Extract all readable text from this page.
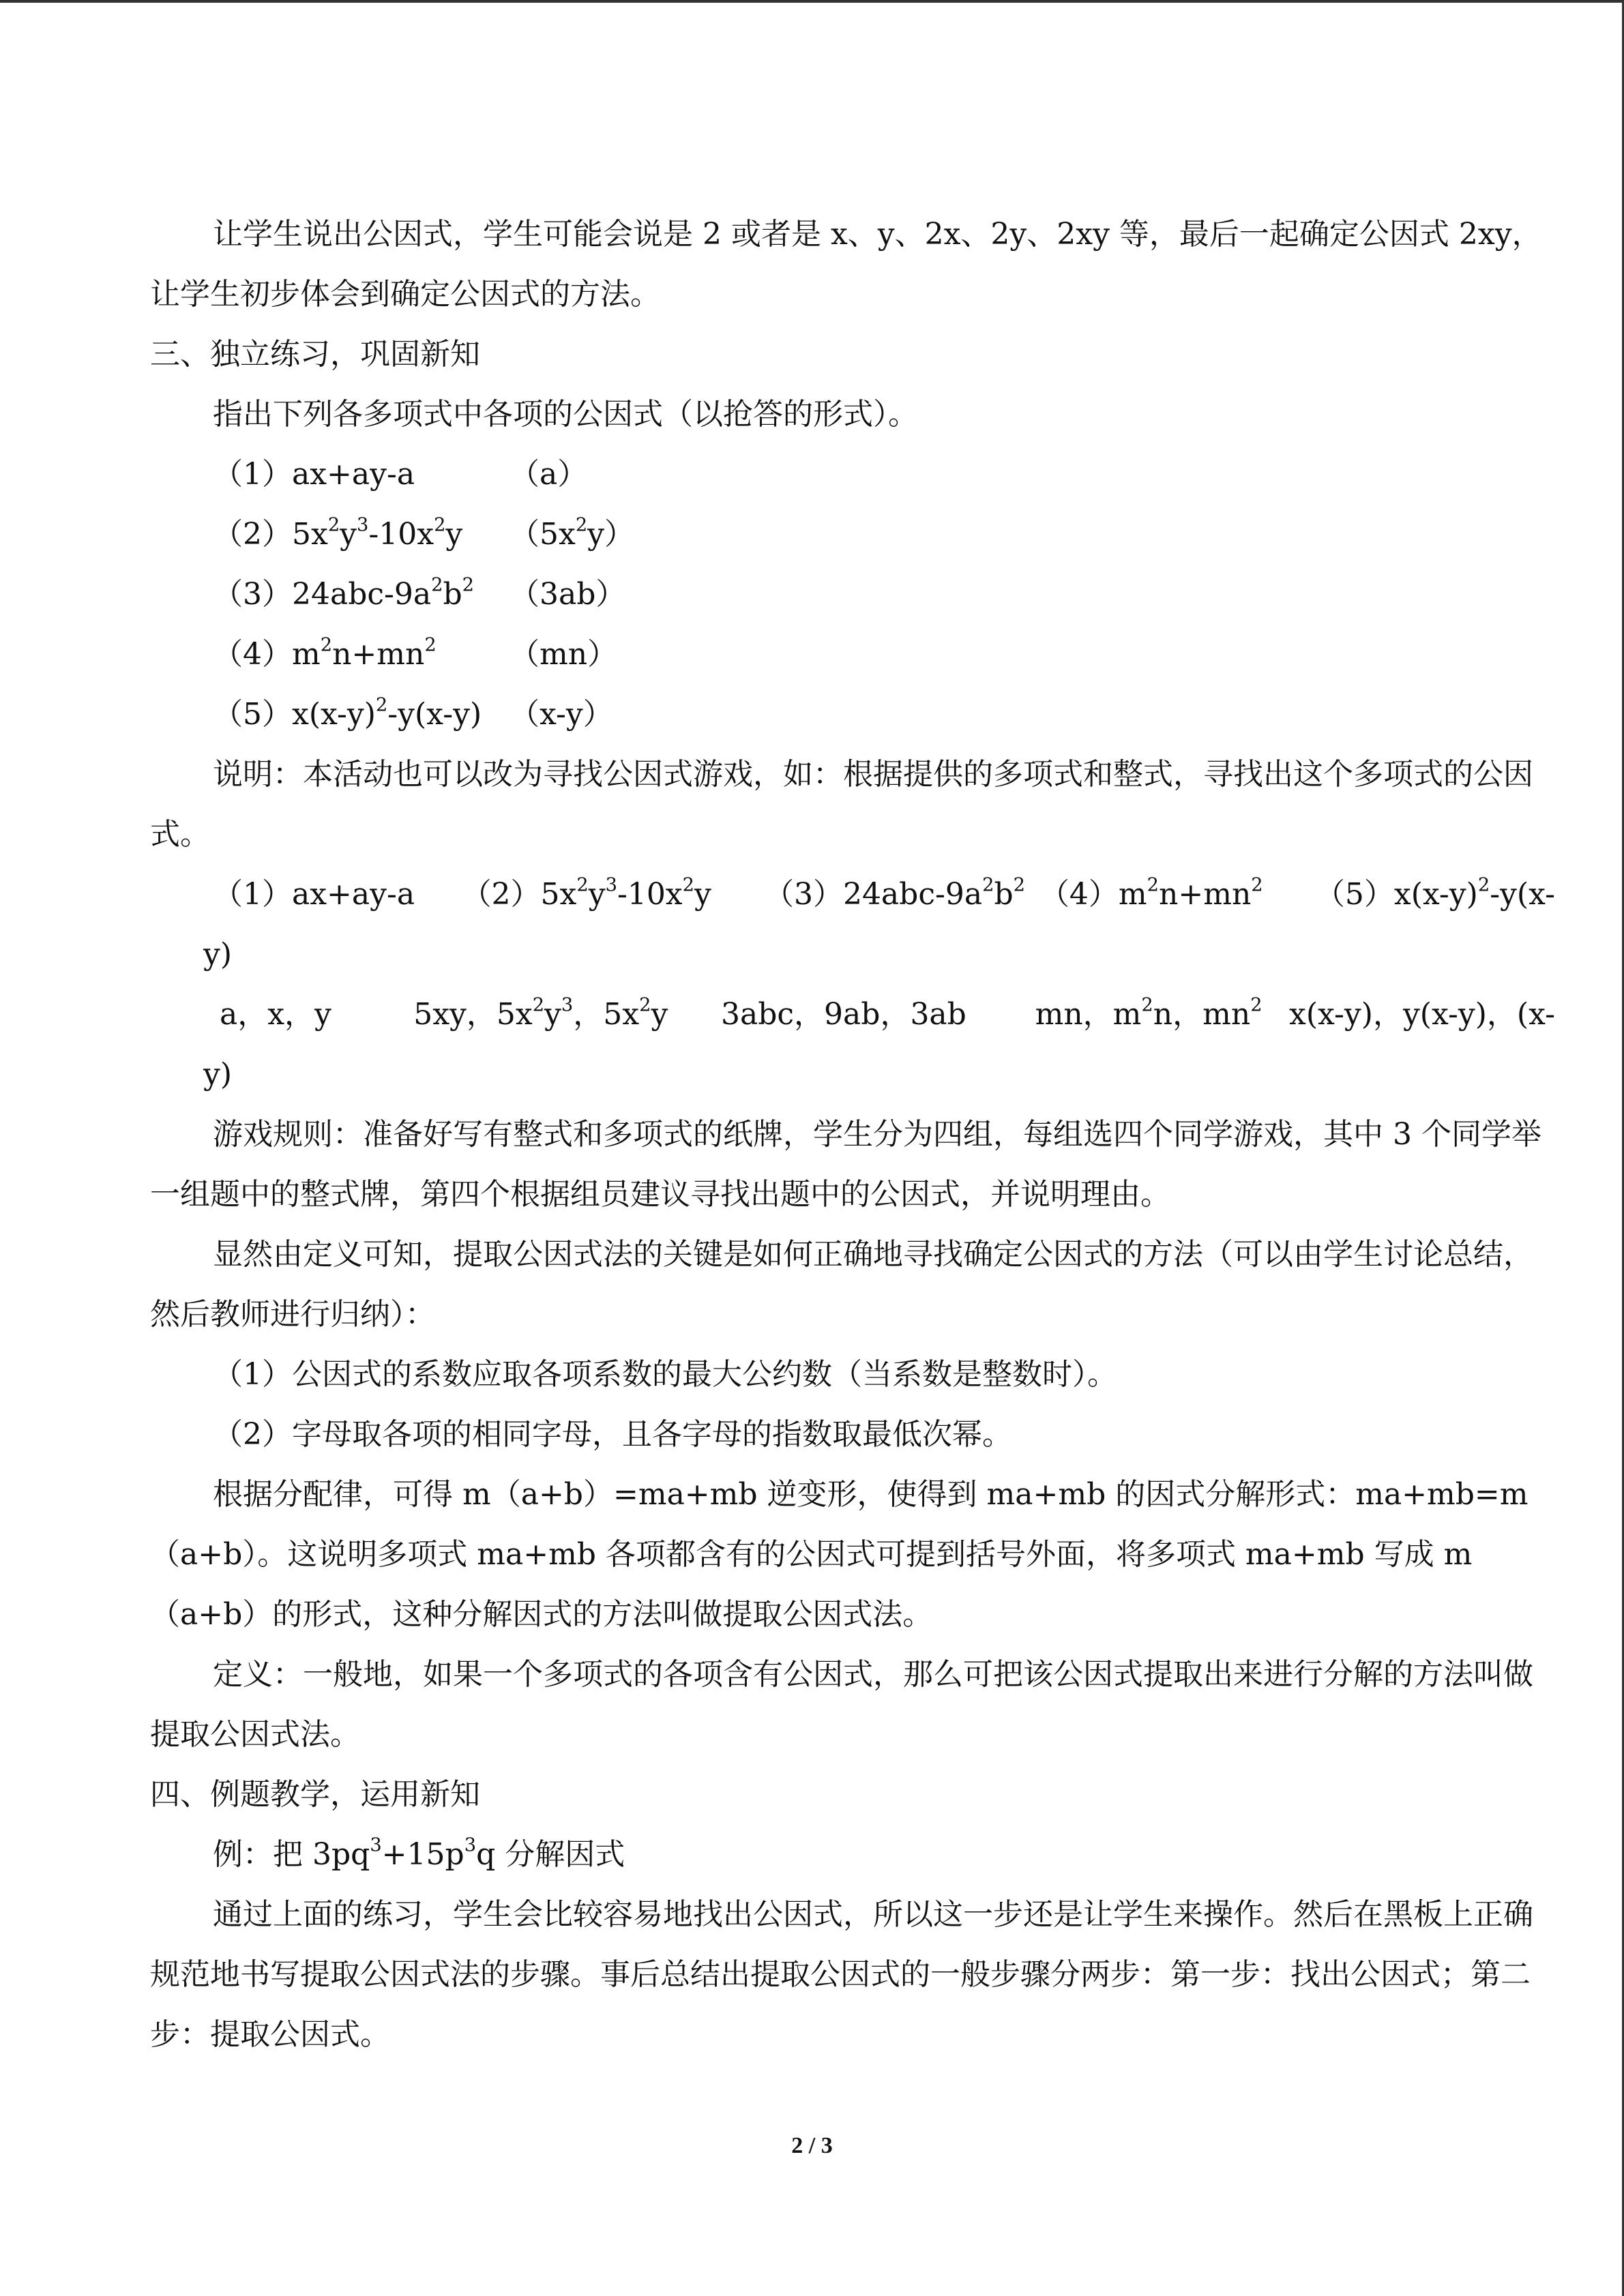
让学生说出公因式，学生可能会说是 2 或者是 x、y、2x、2y、2xy 等，最后一起确定公因式 2xy，让学生初步体会到确定公因式的方法。

三、独立练习，巩固新知

指出下列各多项式中各项的公因式（以抢答的形式）。

（1）ax+ay-a	（a）

$(2)5x^2y^3-10x^2y$ $(5x^2y)$

$(3)24abc-9a^2b^2$ （3ab）

$(4)m^2n+mn^2$ （mn）

$(5)x(x-y)^2-y(x-y)$ （x-y）

说明：本活动也可以改为寻找公因式游戏，如：根据提供的多项式和整式，寻找出这个多项式的公因式。

（1）ax+ay-a	$(2)5x^2y^3-10x^2y$	$(3)24abc-9a^2b^2$ $(4)m^2n+mn^2$	$(5)x(x-y)^2-y(x-$

y)

a，x，y	5xy，$5x^2y^3$，$5x^2y$	3abc，9ab，3ab	mn，$m^2n$，$mn^2$ x(x-y)，y(x-y)，(x-

y)

游戏规则：准备好写有整式和多项式的纸牌，学生分为四组，每组选四个同学游戏，其中 3 个同学举一组题中的整式牌，第四个根据组员建议寻找出题中的公因式，并说明理由。

显然由定义可知，提取公因式法的关键是如何正确地寻找确定公因式的方法（可以由学生讨论总结，然后教师进行归纳）：

（1）公因式的系数应取各项系数的最大公约数（当系数是整数时）。

（2）字母取各项的相同字母，且各字母的指数取最低次幂。

根据分配律，可得 m（a+b）=ma+mb 逆变形，使得到 ma+mb 的因式分解形式：ma+mb=m（a+b）。这说明多项式 ma+mb 各项都含有的公因式可提到括号外面，将多项式 ma+mb 写成 m（a+b）的形式，这种分解因式的方法叫做提取公因式法。

定义：一般地，如果一个多项式的各项含有公因式，那么可把该公因式提取出来进行分解的方法叫做提取公因式法。

四、例题教学，运用新知

例：把 $3pq^3+15p^3q$ 分解因式

通过上面的练习，学生会比较容易地找出公因式，所以这一步还是让学生来操作。然后在黑板上正确规范地书写提取公因式法的步骤。事后总结出提取公因式的一般步骤分两步：第一步：找出公因式；第二步：提取公因式。

2 / 3
